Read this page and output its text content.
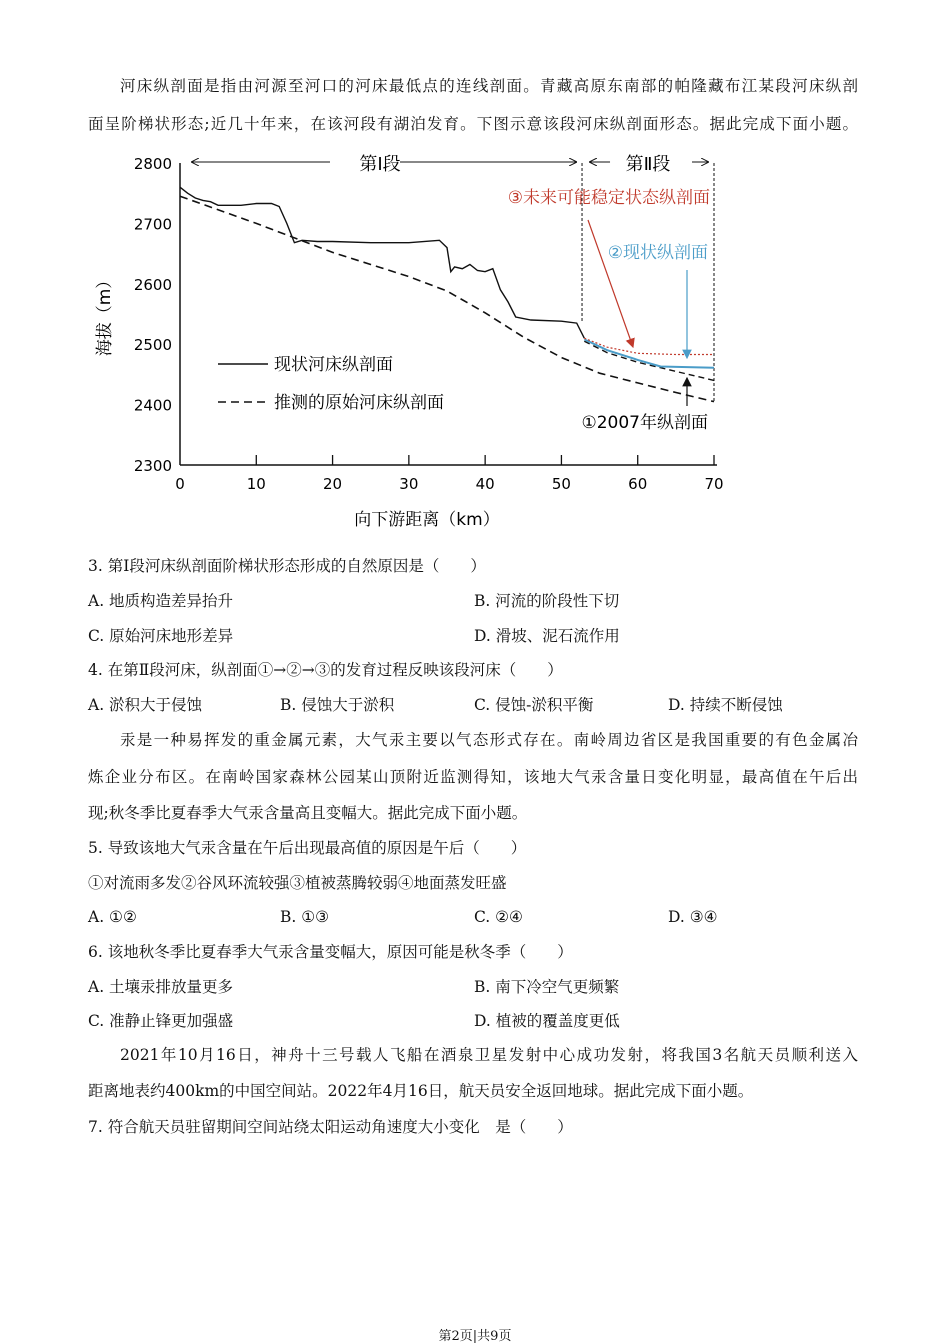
河床纵剖面是指由河源至河口的河床最低点的连线剖面。青藏高原东南部的帕隆藏布江某段河床纵剖
面呈阶梯状形态;近几十年来，在该河段有湖泊发育。下图示意该段河床纵剖面形态。据此完成下面小题。
0	10	20	30	40	50	60	70
2300
2400
2500
2600
2700
2800
向下游距离（km）
海拔（m）
第Ⅰ段	第Ⅱ段
现状河床纵剖面
推测的原始河床纵剖面
③未来可能稳定状态纵剖面
②现状纵剖面
①2007年纵剖面
3. 第Ⅰ段河床纵剖面阶梯状形态形成的自然原因是（　　）
A. 地质构造差异抬升	B. 河流的阶段性下切
C. 原始河床地形差异	D. 滑坡、泥石流作用
4. 在第Ⅱ段河床，纵剖面①→②→③的发育过程反映该段河床（　　）
A. 淤积大于侵蚀	B. 侵蚀大于淤积	C. 侵蚀-淤积平衡	D. 持续不断侵蚀
汞是一种易挥发的重金属元素，大气汞主要以气态形式存在。南岭周边省区是我国重要的有色金属冶
炼企业分布区。在南岭国家森林公园某山顶附近监测得知，该地大气汞含量日变化明显，最高值在午后出
现;秋冬季比夏春季大气汞含量高且变幅大。据此完成下面小题。
5. 导致该地大气汞含量在午后出现最高值的原因是午后（　　）
①对流雨多发②谷风环流较强③植被蒸腾较弱④地面蒸发旺盛
A. ①②	B. ①③	C. ②④	D. ③④
6. 该地秋冬季比夏春季大气汞含量变幅大，原因可能是秋冬季（　　）
A. 土壤汞排放量更多	B. 南下冷空气更频繁
C. 准静止锋更加强盛	D. 植被的覆盖度更低
2021年10月16日，神舟十三号载人飞船在酒泉卫星发射中心成功发射，将我国3名航天员顺利送入
距离地表约400km的中国空间站。2022年4月16日，航天员安全返回地球。据此完成下面小题。
7. 符合航天员驻留期间空间站绕太阳运动角速度大小变化　是（　　）
第2页|共9页
